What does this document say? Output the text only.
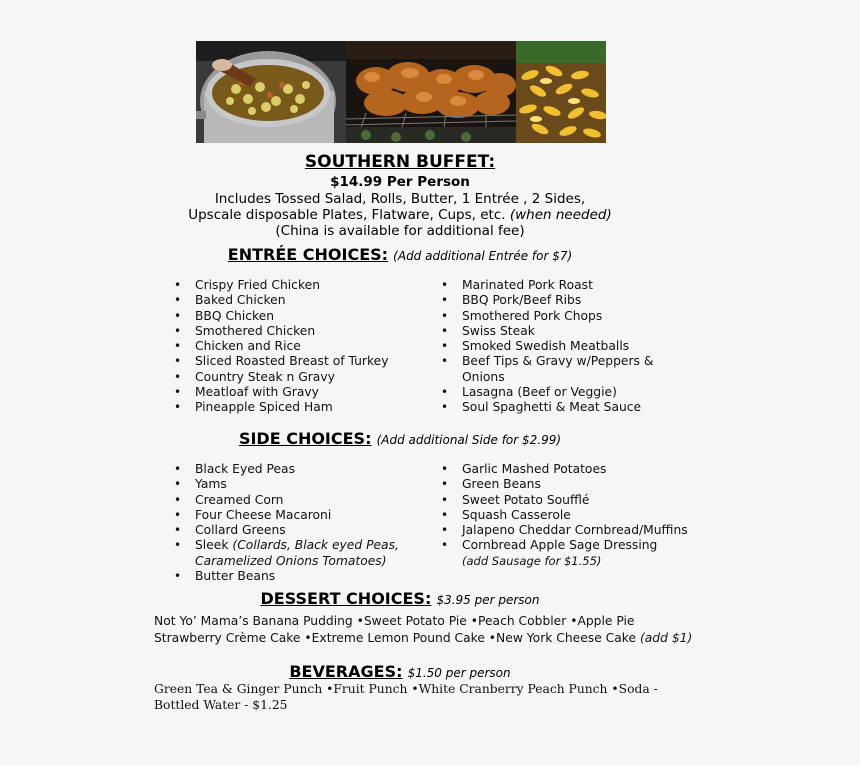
SOUTHERN BUFFET:
$14.99 Per Person
Includes Tossed Salad, Rolls, Butter, 1 Entrée , 2 Sides,
Upscale disposable Plates, Flatware, Cups, etc. (when needed)
(China is available for additional fee)
ENTRÉE CHOICES: (Add additional Entrée for $7)
• Crispy Fried Chicken
• Baked Chicken
• BBQ Chicken
• Smothered Chicken
• Chicken and Rice
• Sliced Roasted Breast of Turkey
• Country Steak n Gravy
• Meatloaf with Gravy
• Pineapple Spiced Ham
• Marinated Pork Roast
• BBQ Pork/Beef Ribs
• Smothered Pork Chops
• Swiss Steak
• Smoked Swedish Meatballs
• Beef Tips & Gravy w/Peppers &
Onions
• Lasagna (Beef or Veggie)
• Soul Spaghetti & Meat Sauce
SIDE CHOICES: (Add additional Side for $2.99)
• Black Eyed Peas
• Yams
• Creamed Corn
• Four Cheese Macaroni
• Collard Greens
• Sleek (Collards, Black eyed Peas,
Caramelized Onions Tomatoes)
• Butter Beans
• Garlic Mashed Potatoes
• Green Beans
• Sweet Potato Soufflé
• Squash Casserole
• Jalapeno Cheddar Cornbread/Muffins
• Cornbread Apple Sage Dressing
(add Sausage for $1.55)
DESSERT CHOICES: $3.95 per person
Not Yo’ Mama’s Banana Pudding •Sweet Potato Pie •Peach Cobbler •Apple Pie
Strawberry Crème Cake •Extreme Lemon Pound Cake •New York Cheese Cake (add $1)
BEVERAGES: $1.50 per person
Green Tea & Ginger Punch •Fruit Punch •White Cranberry Peach Punch •Soda -
Bottled Water - $1.25
